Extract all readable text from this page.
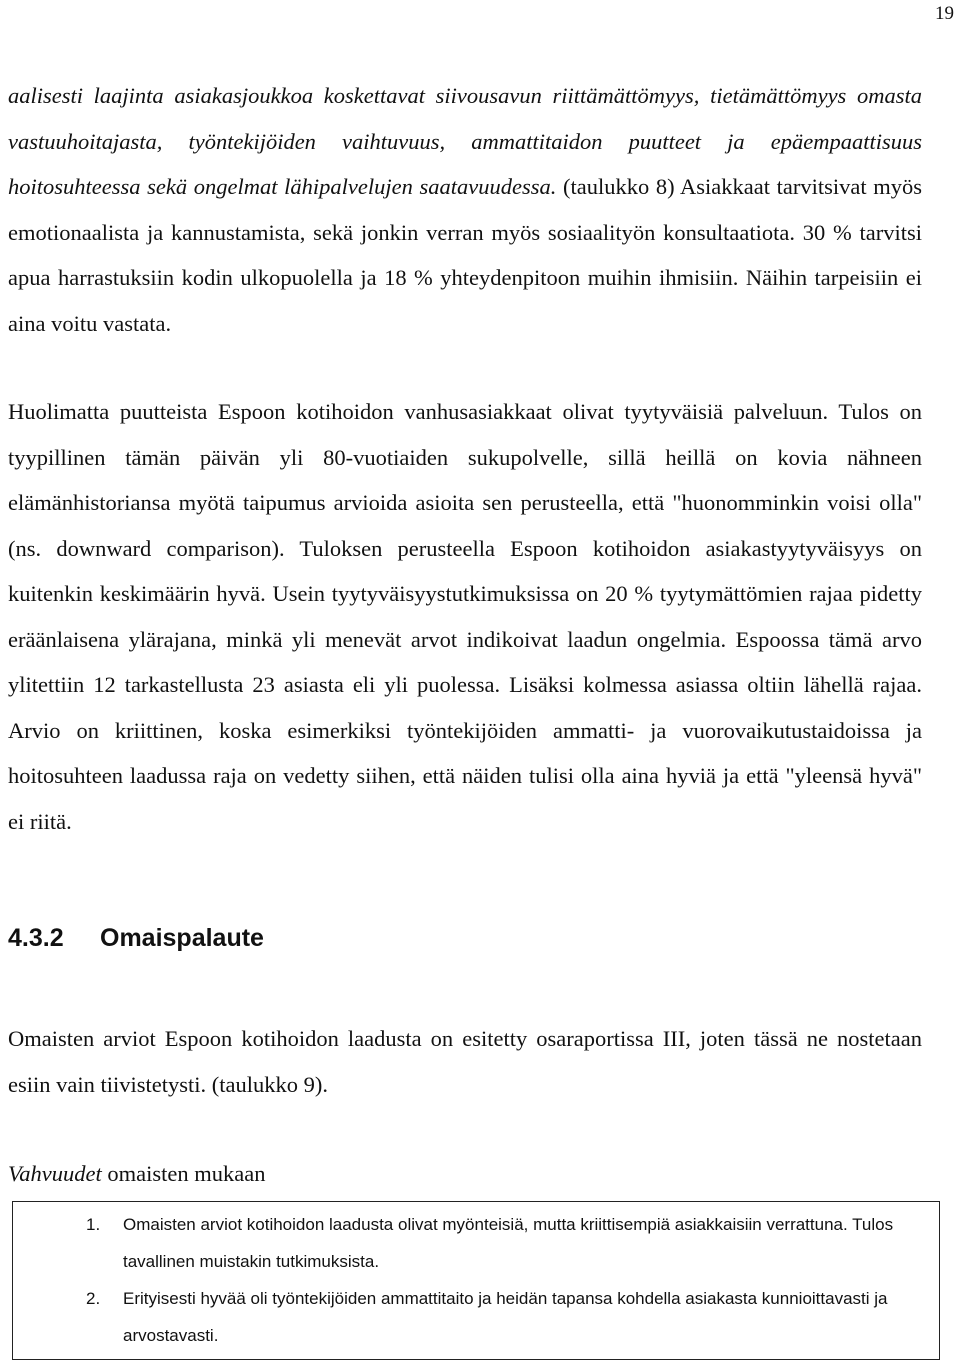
19

aalisesti laajinta asiakasjoukkoa koskettavat siivousavun riittämättömyys, tietämättömyys omasta vastuuhoitajasta, työntekijöiden vaihtuvuus, ammattitaidon puutteet ja epäempaattisuus hoitosuhteessa sekä ongelmat lähipalvelujen saatavuudessa. (taulukko 8) Asiakkaat tarvitsivat myös emotionaalista ja kannustamista, sekä jonkin verran myös sosiaalityön konsultaatiota. 30 % tarvitsi apua harrastuksiin kodin ulkopuolella ja 18 % yhteydenpitoon muihin ihmisiin. Näihin tarpeisiin ei aina voitu vastata.

Huolimatta puutteista Espoon kotihoidon vanhusasiakkaat olivat tyytyväisiä palveluun. Tulos on tyypillinen tämän päivän yli 80-vuotiaiden sukupolvelle, sillä heillä on kovia nähneen elämänhistoriansa myötä taipumus arvioida asioita sen perusteella, että "huonomminkin voisi olla" (ns. downward comparison). Tuloksen perusteella Espoon kotihoidon asiakastyytyväisyys on kuitenkin keskimäärin hyvä. Usein tyytyväisyystutkimuksissa on 20 % tyytymättömien rajaa pidetty eräänlaisena ylärajana, minkä yli menevät arvot indikoivat laadun ongelmia. Espoossa tämä arvo ylitettiin 12 tarkastellusta 23 asiasta eli yli puolessa. Lisäksi kolmessa asiassa oltiin lähellä rajaa. Arvio on kriittinen, koska esimerkiksi työntekijöiden ammatti- ja vuorovaikutustaidoissa ja hoitosuhteen laadussa raja on vedetty siihen, että näiden tulisi olla aina hyviä ja että "yleensä hyvä" ei riitä.

4.3.2 Omaispalaute

Omaisten arviot Espoon kotihoidon laadusta on esitetty osaraportissa III, joten tässä ne nostetaan esiin vain tiivistetysti. (taulukko 9).

Vahvuudet omaisten mukaan
1.	Omaisten arviot kotihoidon laadusta olivat myönteisiä, mutta kriittisempiä asiakkaisiin verrattuna. Tulos tavallinen muistakin tutkimuksista.
2.	Erityisesti hyvää oli työntekijöiden ammattitaito ja heidän tapansa kohdella asiakasta kunnioittavasti ja arvostavasti.
